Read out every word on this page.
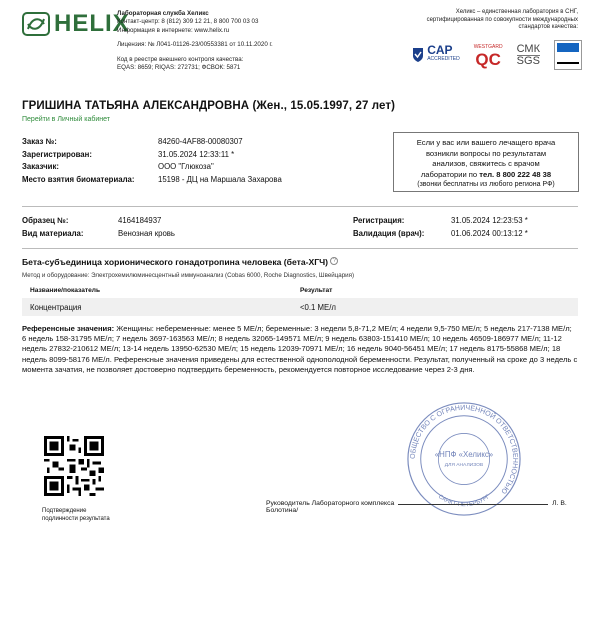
HELIX
Лабораторная служба Хеликс
Контакт-центр: 8 (812) 309 12 21, 8 800 700 03 03
Информация в интернете: www.helix.ru
Лицензия: № Л041-01126-23/00553381 от 10.11.2020 г.
Код в реестре внешнего контроля качества:
EQAS: 8659; RIQAS: 272731; ФСВОК: 5871
Хеликс – единственная лаборатория в СНГ,
сертифицированная по совокупности международных
стандартов качества:
CAP
ACCREDITED
WESTGARD
QC
СМК
SGS
ГРИШИНА ТАТЬЯНА АЛЕКСАНДРОВНА (Жен., 15.05.1997, 27 лет)
Перейти в Личный кабинет
Заказ №:	84260-4AF88-00080307
Зарегистрирован:	31.05.2024 12:33:11 *
Заказчик:	ООО "Глюкоза"
Место взятия биоматериала:	15198 - ДЦ на Маршала Захарова
Если у вас или вашего лечащего врача
возникли вопросы по результатам
анализов, свяжитесь с врачом
лаборатории по тел. 8 800 222 48 38
(звонки бесплатны из любого региона РФ)
Образец №:	4164184937
Вид материала:	Венозная кровь
Регистрация:	31.05.2024 12:23:53 *
Валидация (врач):	01.06.2024 00:13:12 *
Бета-субъединица хорионического гонадотропина человека (бета-ХГЧ) ?
Метод и оборудование: Электрохемилюминесцентный иммуноанализ (Cobas 6000, Roche Diagnostics, Швейцария)
Название/показатель	Результат
Концентрация	<0.1 МЕ/л
Референсные значения: Женщины: небеременные: менее 5 МЕ/л; беременные: 3 недели 5,8-71,2 МЕ/л; 4 недели 9,5-750 МЕ/л; 5 недель 217-7138 МЕ/л; 6 недель 158-31795 МЕ/л; 7 недель 3697-163563 МЕ/л; 8 недель 32065-149571 МЕ/л; 9 недель 63803-151410 МЕ/л; 10 недель 46509-186977 МЕ/л; 11-12 недель 27832-210612 МЕ/л; 13-14 недель 13950-62530 МЕ/л; 15 недель 12039-70971 МЕ/л; 16 недель 9040-56451 МЕ/л; 17 недель 8175-55868 МЕ/л; 18 недель 8099-58176 МЕ/л. Референсные значения приведены для естественной однополодной беременности. Результат, полученный на сроке до 3 недель с момента зачатия, не позволяет достоверно подтвердить беременность, рекомендуется повторное исследование через 2-3 дня.
Подтверждение
подлинности результата
ОБЩЕСТВО С ОГРАНИЧЕННОЙ ОТВЕТСТВЕННОСТЬЮ
«НПФ «Хеликс»
ДЛЯ АНАЛИЗОВ
САНКТ-ПЕТЕРБУРГ
Руководитель Лабораторного комплекса	Л. В. Болотина/
